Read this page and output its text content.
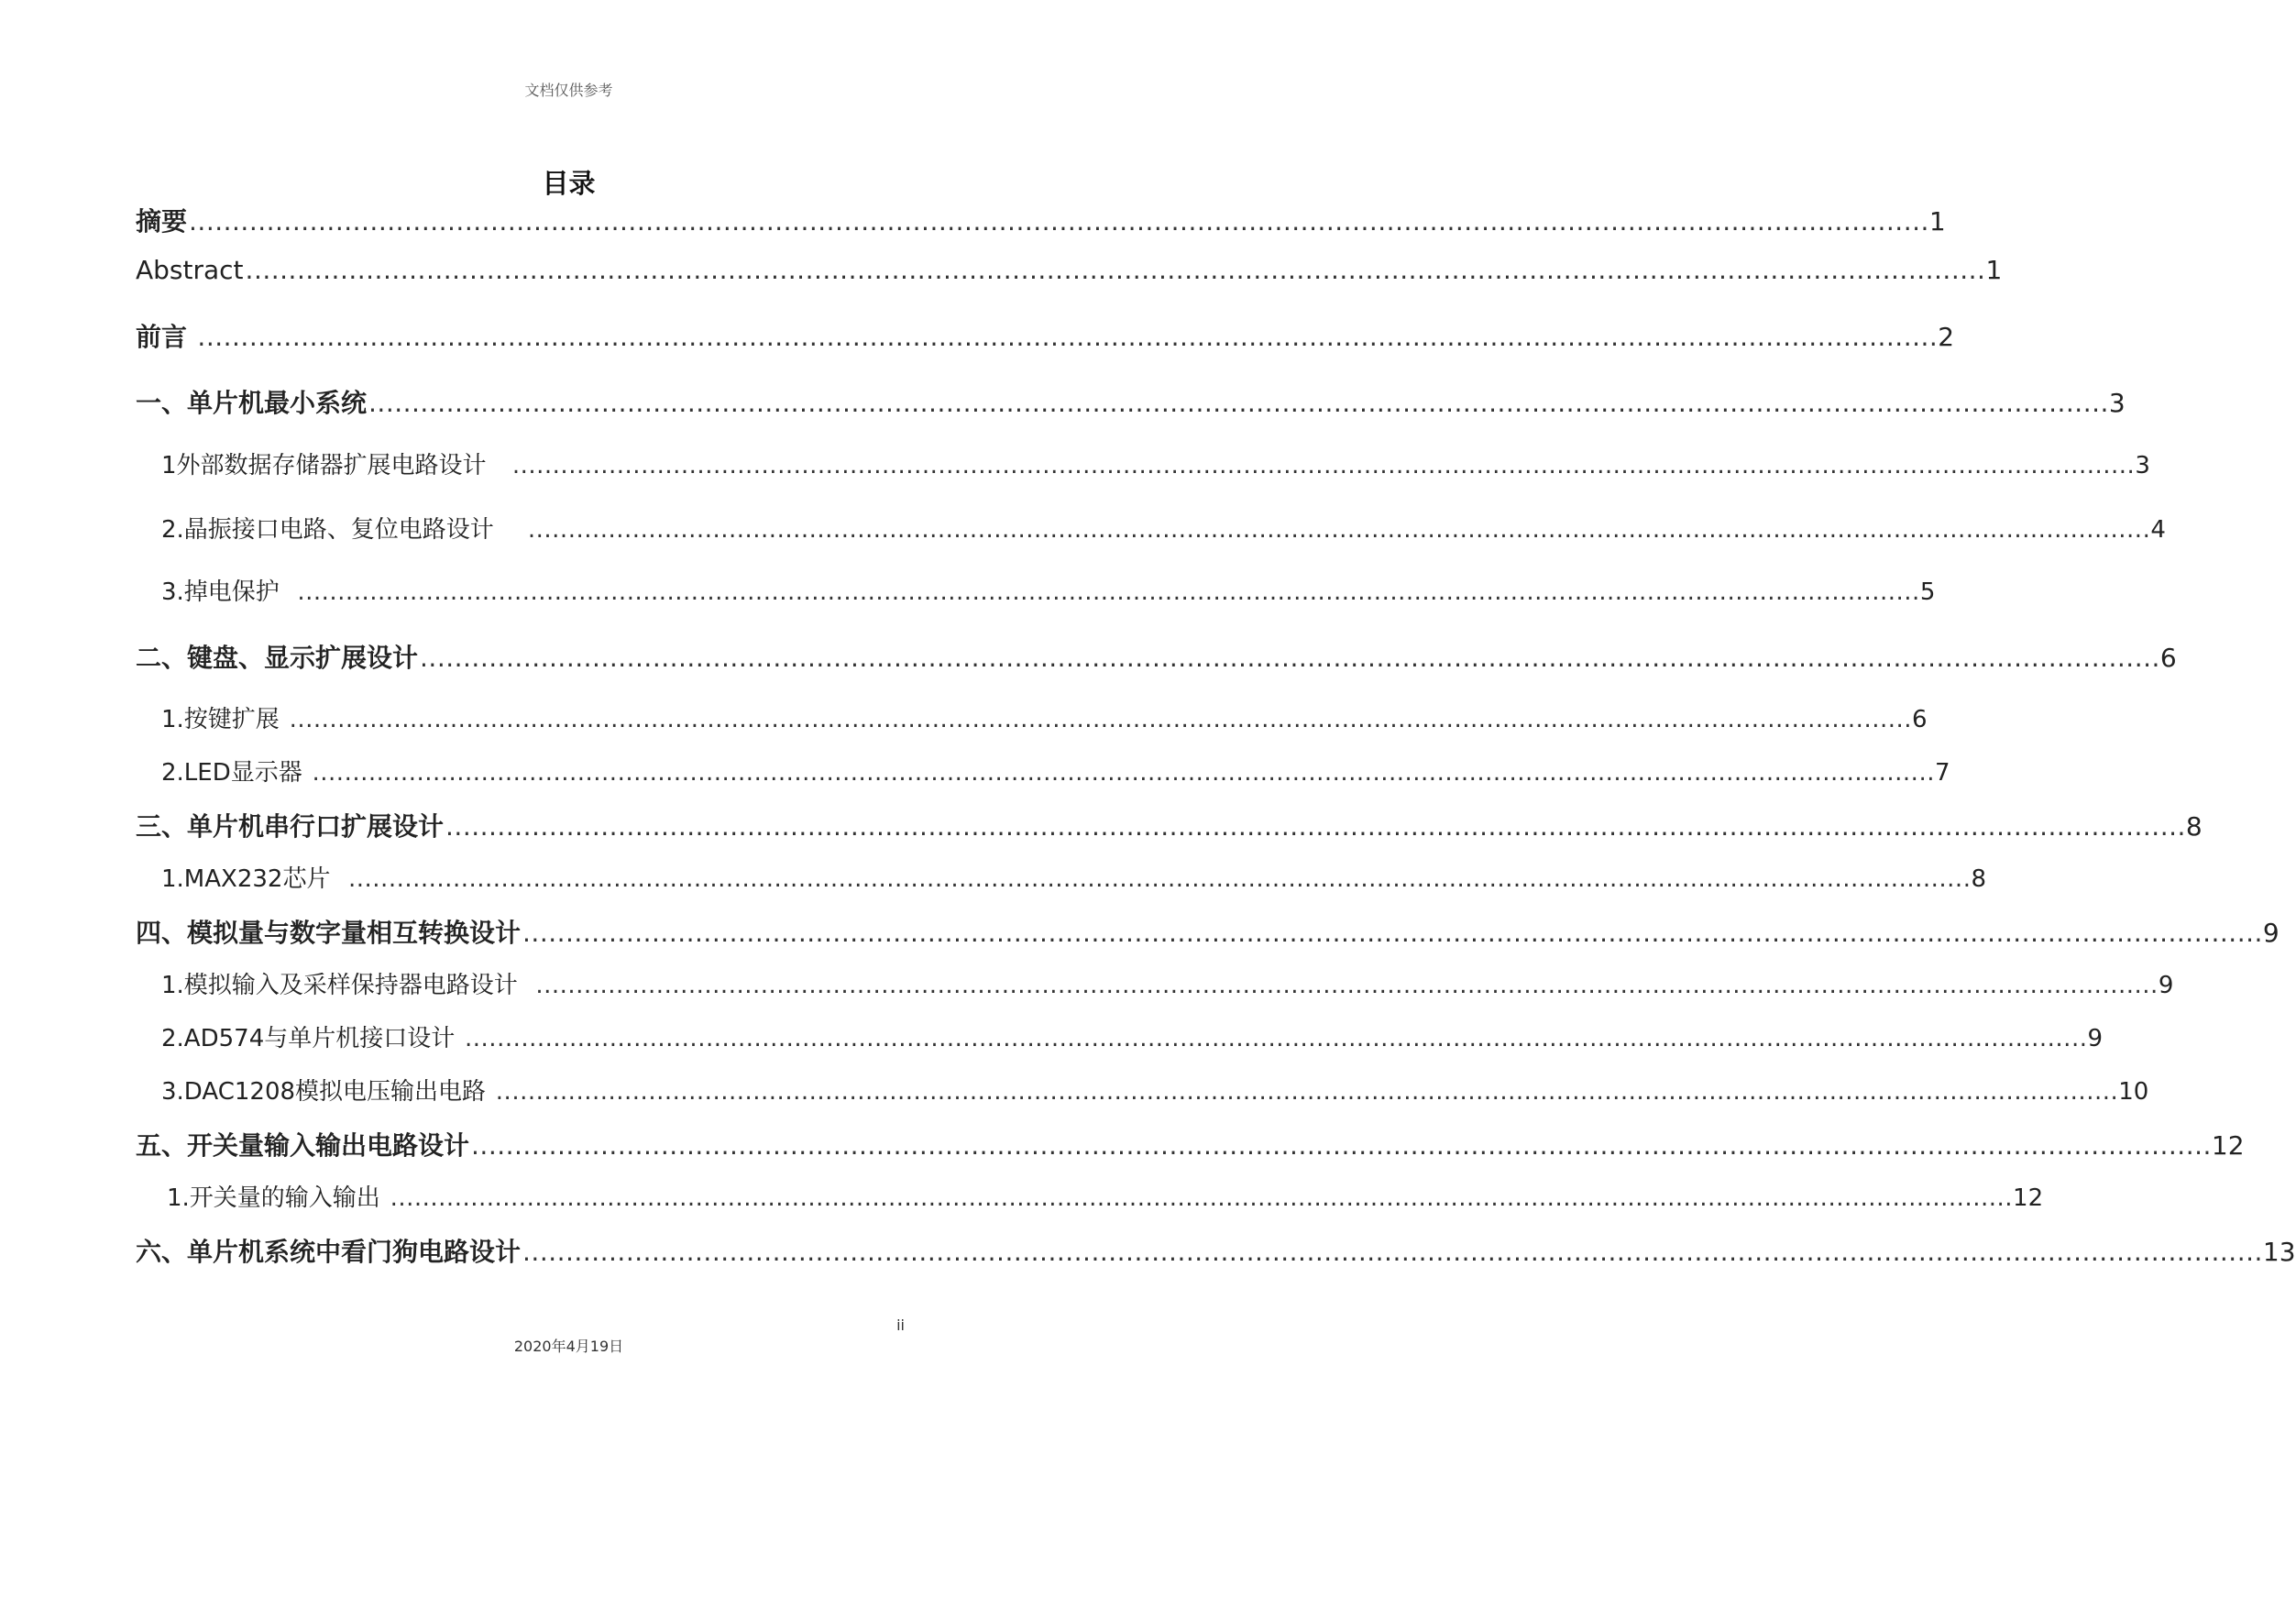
文档仅供参考
目录
摘要 .......................................................................................................................................................................................................... 1
Abstract .......................................................................................................................................................................................................... 1
前言 .......................................................................................................................................................................................................... 2
一、单片机最小系统 .......................................................................................................................................................................................................... 3
1外部数据存储器扩展电路设计 .......................................................................................................................................................................................................... 3
2.晶振接口电路、复位电路设计 .......................................................................................................................................................................................................... 4
3.掉电保护 .......................................................................................................................................................................................................... 5
二、键盘、显示扩展设计 .......................................................................................................................................................................................................... 6
1.按键扩展 .......................................................................................................................................................................................................... 6
2.LED显示器 .......................................................................................................................................................................................................... 7
三、单片机串行口扩展设计 .......................................................................................................................................................................................................... 8
1.MAX232芯片 .......................................................................................................................................................................................................... 8
四、模拟量与数字量相互转换设计 .......................................................................................................................................................................................................... 9
1.模拟输入及采样保持器电路设计 .......................................................................................................................................................................................................... 9
2.AD574与单片机接口设计 .......................................................................................................................................................................................................... 9
3.DAC1208模拟电压输出电路 .......................................................................................................................................................................................................... 10
五、开关量输入输出电路设计 .......................................................................................................................................................................................................... 12
1.开关量的输入输出 .......................................................................................................................................................................................................... 12
六、单片机系统中看门狗电路设计 .......................................................................................................................................................................................................... 13
ii
2020年4月19日
